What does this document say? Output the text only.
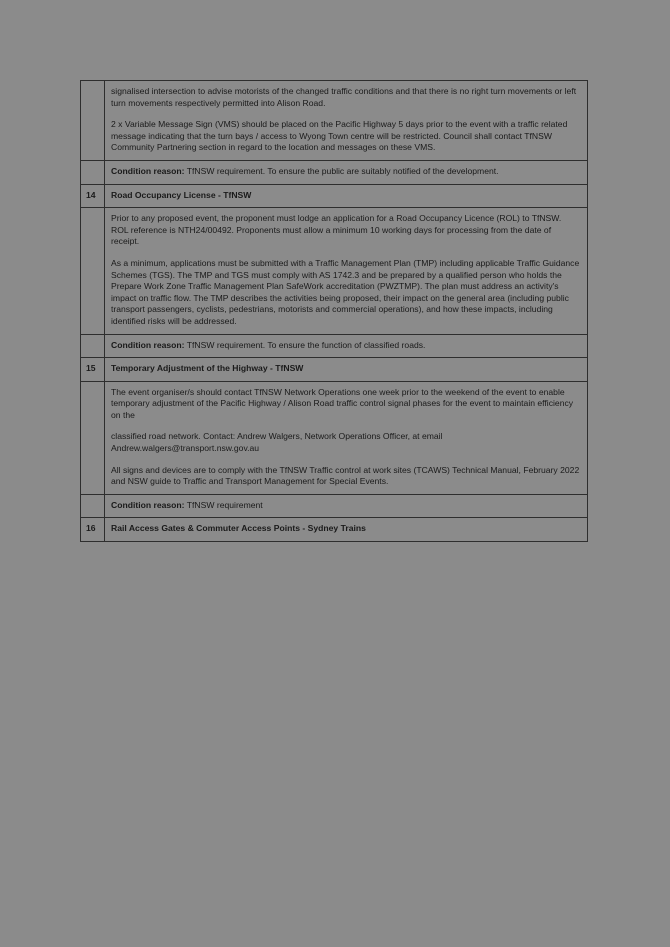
	signalised intersection to advise motorists of the changed traffic conditions and that there is no right turn movements or left turn movements respectively permitted into Alison Road.

2 x Variable Message Sign (VMS) should be placed on the Pacific Highway 5 days prior to the event with a traffic related message indicating that the turn bays / access to Wyong Town centre will be restricted. Council shall contact TfNSW Community Partnering section in regard to the location and messages on these VMS.

	Condition reason: TfNSW requirement. To ensure the public are suitably notified of the development.

14	Road Occupancy License - TfNSW

	Prior to any proposed event, the proponent must lodge an application for a Road Occupancy Licence (ROL) to TfNSW. ROL reference is NTH24/00492. Proponents must allow a minimum 10 working days for processing from the date of receipt.

As a minimum, applications must be submitted with a Traffic Management Plan (TMP) including applicable Traffic Guidance Schemes (TGS). The TMP and TGS must comply with AS 1742.3 and be prepared by a qualified person who holds the Prepare Work Zone Traffic Management Plan SafeWork accreditation (PWZTMP). The plan must address an activity's impact on traffic flow. The TMP describes the activities being proposed, their impact on the general area (including public transport passengers, cyclists, pedestrians, motorists and commercial operations), and how these impacts, including identified risks will be addressed.

	Condition reason: TfNSW requirement. To ensure the function of classified roads.

15	Temporary Adjustment of the Highway - TfNSW

	The event organiser/s should contact TfNSW Network Operations one week prior to the weekend of the event to enable temporary adjustment of the Pacific Highway / Alison Road traffic control signal phases for the event to maintain efficiency on the

classified road network. Contact: Andrew Walgers, Network Operations Officer, at email Andrew.walgers@transport.nsw.gov.au

All signs and devices are to comply with the TfNSW Traffic control at work sites (TCAWS) Technical Manual, February 2022 and NSW guide to Traffic and Transport Management for Special Events.

	Condition reason: TfNSW requirement

16	Rail Access Gates & Commuter Access Points - Sydney Trains
